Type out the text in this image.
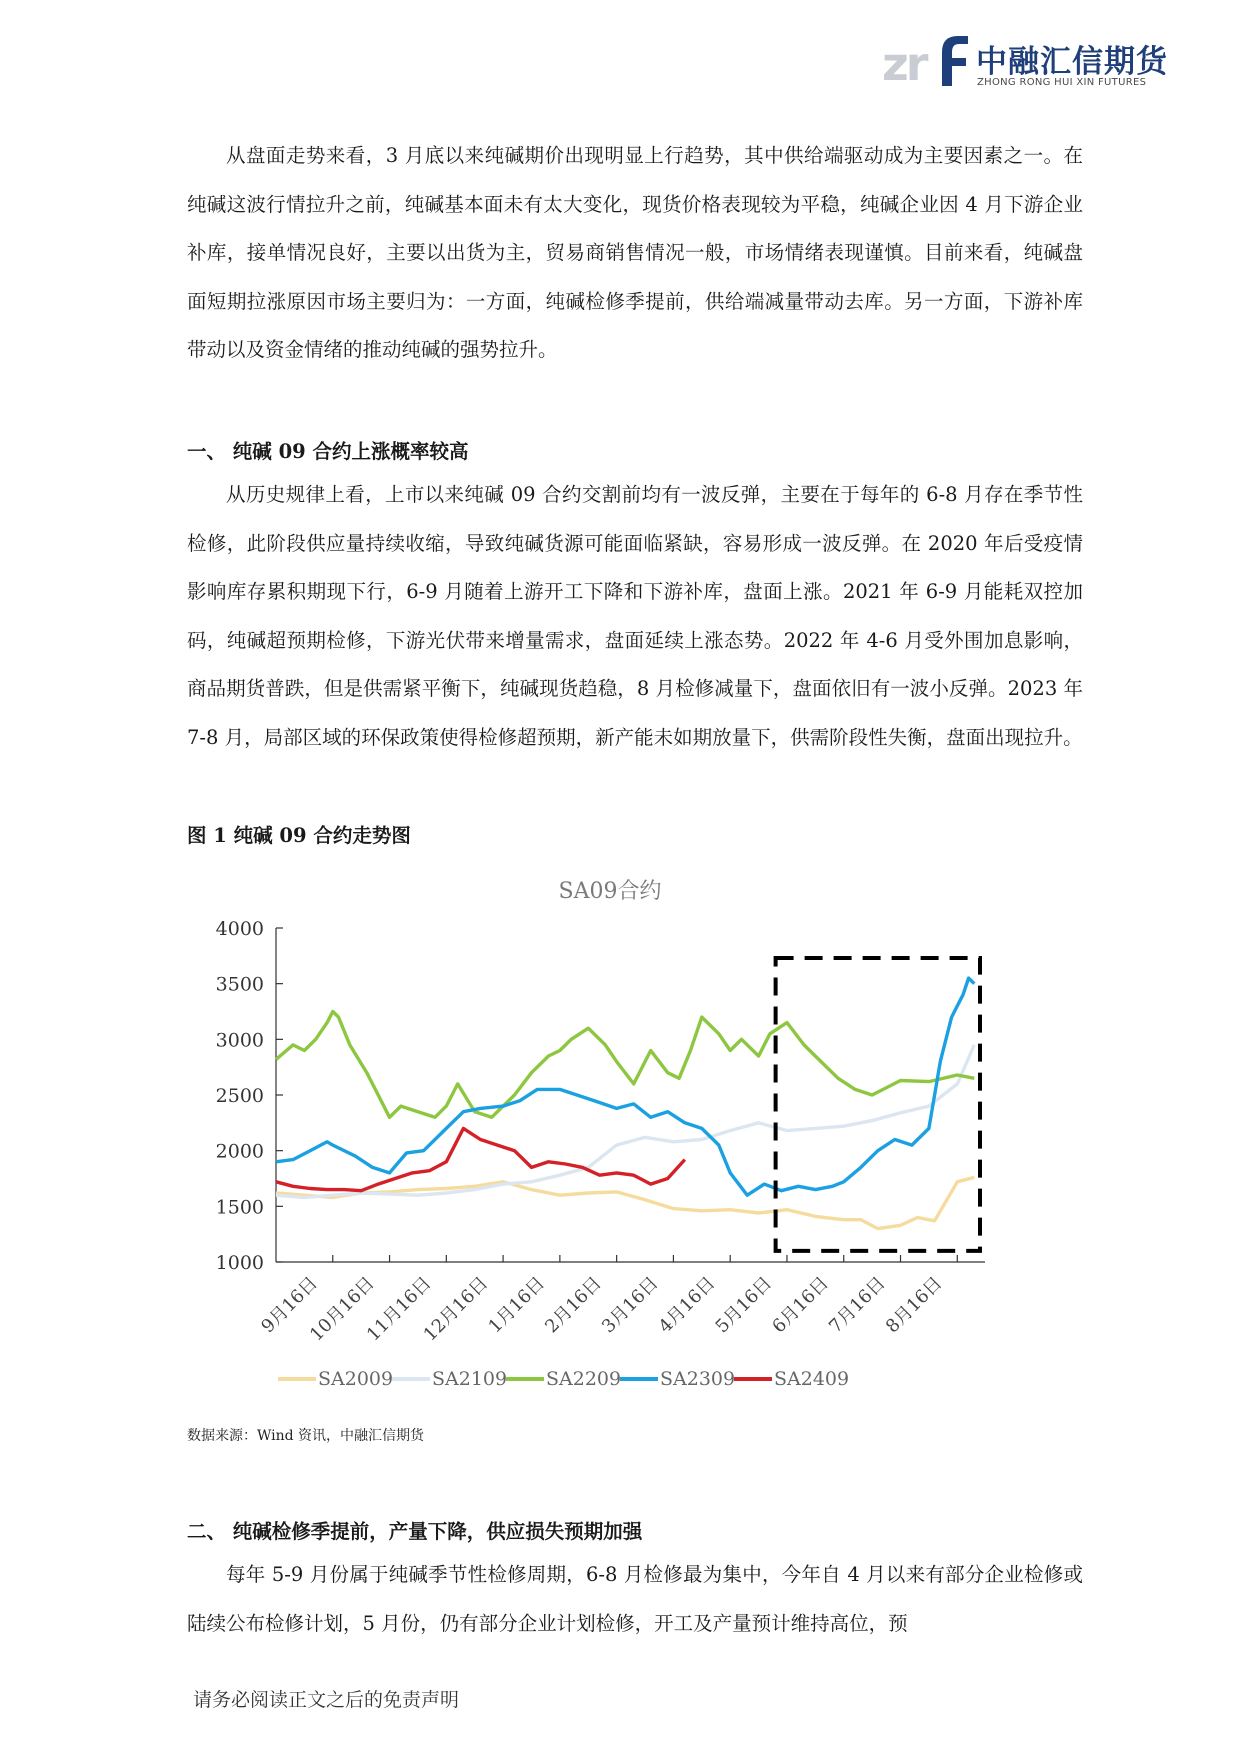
zr 中融汇信期货
ZHONG RONG HUI XIN FUTURES

从盘面走势来看，3 月底以来纯碱期价出现明显上行趋势，其中供给端驱动成为主要因素之一。在纯碱这波行情拉升之前，纯碱基本面未有太大变化，现货价格表现较为平稳，纯碱企业因 4 月下游企业补库，接单情况良好，主要以出货为主，贸易商销售情况一般，市场情绪表现谨慎。目前来看，纯碱盘面短期拉涨原因市场主要归为：一方面，纯碱检修季提前，供给端减量带动去库。另一方面，下游补库带动以及资金情绪的推动纯碱的强势拉升。

一、 纯碱 09 合约上涨概率较高

从历史规律上看，上市以来纯碱 09 合约交割前均有一波反弹，主要在于每年的 6-8 月存在季节性检修，此阶段供应量持续收缩，导致纯碱货源可能面临紧缺，容易形成一波反弹。在 2020 年后受疫情影响库存累积期现下行，6-9 月随着上游开工下降和下游补库，盘面上涨。2021 年 6-9 月能耗双控加码，纯碱超预期检修，下游光伏带来增量需求，盘面延续上涨态势。2022 年 4-6 月受外围加息影响，商品期货普跌，但是供需紧平衡下，纯碱现货趋稳，8 月检修减量下，盘面依旧有一波小反弹。2023 年 7-8 月，局部区域的环保政策使得检修超预期，新产能未如期放量下，供需阶段性失衡，盘面出现拉升。

图 1 纯碱 09 合约走势图

SA09合约
4000
3500
3000
2500
2000
1500
1000
9月16日
10月16日
11月16日
12月16日
1月16日
2月16日
3月16日
4月16日
5月16日
6月16日
7月16日
8月16日
SA2009 SA2109 SA2209 SA2309 SA2409

数据来源：Wind 资讯，中融汇信期货

二、 纯碱检修季提前，产量下降，供应损失预期加强

每年 5-9 月份属于纯碱季节性检修周期，6-8 月检修最为集中，今年自 4 月以来有部分企业检修或陆续公布检修计划，5 月份，仍有部分企业计划检修，开工及产量预计维持高位，预

请务必阅读正文之后的免责声明
